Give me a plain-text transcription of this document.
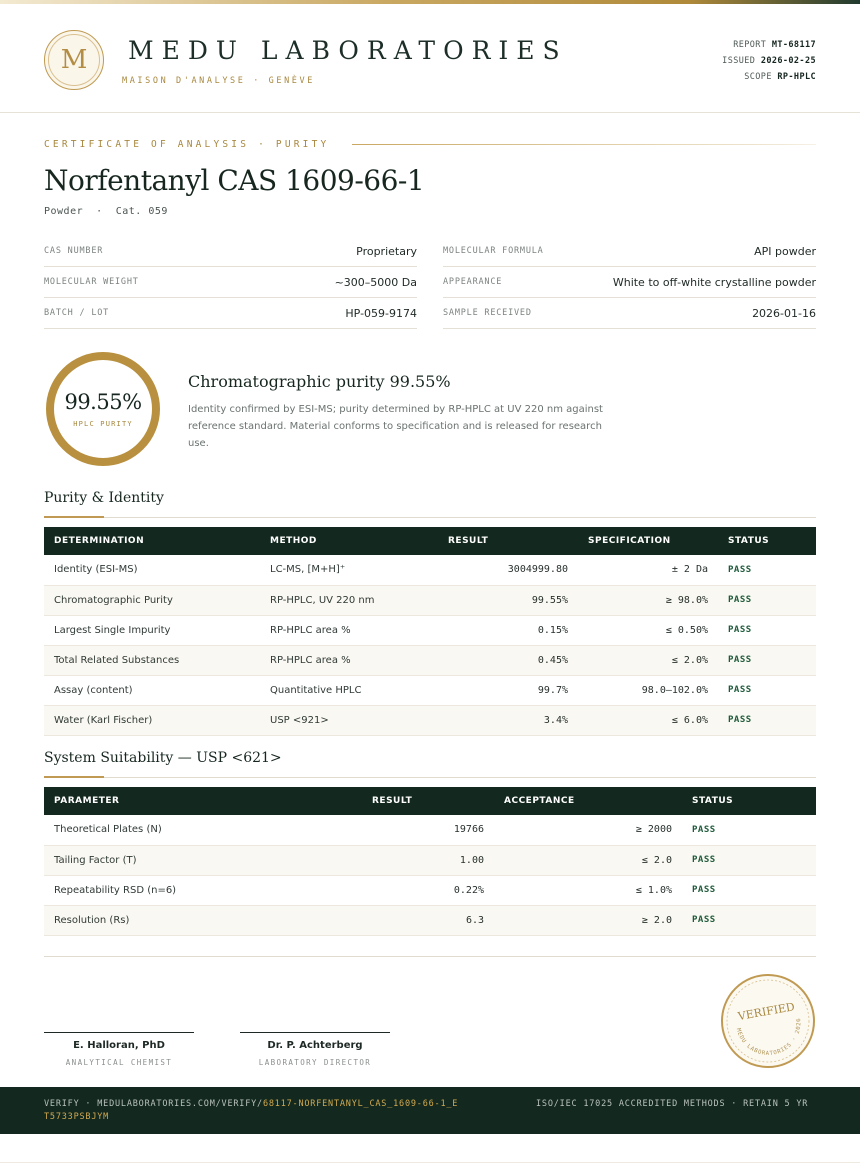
M	MEDU LABORATORIES
MAISON D'ANALYSE · GENÈVE
REPORT MT-68117
ISSUED 2026-02-25
SCOPE RP-HPLC
CERTIFICATE OF ANALYSIS · PURITY
Norfentanyl CAS 1609-66-1
Powder  ·  Cat. 059
CAS NUMBER	Proprietary	MOLECULAR FORMULA	API powder
MOLECULAR WEIGHT	~300–5000 Da	APPEARANCE	White to off-white crystalline powder
BATCH / LOT	HP-059-9174	SAMPLE RECEIVED	2026-01-16
99.55%
HPLC PURITY
Chromatographic purity 99.55%
Identity confirmed by ESI-MS; purity determined by RP-HPLC at UV 220 nm against reference standard. Material conforms to specification and is released for research use.
Purity & Identity
DETERMINATION	METHOD	RESULT	SPECIFICATION	STATUS
Identity (ESI-MS)	LC-MS, [M+H]⁺	3004999.80	± 2 Da	PASS
Chromatographic Purity	RP-HPLC, UV 220 nm	99.55%	≥ 98.0%	PASS
Largest Single Impurity	RP-HPLC area %	0.15%	≤ 0.50%	PASS
Total Related Substances	RP-HPLC area %	0.45%	≤ 2.0%	PASS
Assay (content)	Quantitative HPLC	99.7%	98.0–102.0%	PASS
Water (Karl Fischer)	USP <921>	3.4%	≤ 6.0%	PASS
System Suitability — USP <621>
PARAMETER	RESULT	ACCEPTANCE	STATUS
Theoretical Plates (N)	19766	≥ 2000	PASS
Tailing Factor (T)	1.00	≤ 2.0	PASS
Repeatability RSD (n=6)	0.22%	≤ 1.0%	PASS
Resolution (Rs)	6.3	≥ 2.0	PASS
E. Halloran, PhD
ANALYTICAL CHEMIST
Dr. P. Achterberg
LABORATORY DIRECTOR
VERIFIED
MEDU LABORATORIES · 2026
VERIFY · MEDULABORATORIES.COM/VERIFY/68117-NORFENTANYL_CAS_1609-66-1_ET5733PSBJYM
ISO/IEC 17025 ACCREDITED METHODS · RETAIN 5 YR
